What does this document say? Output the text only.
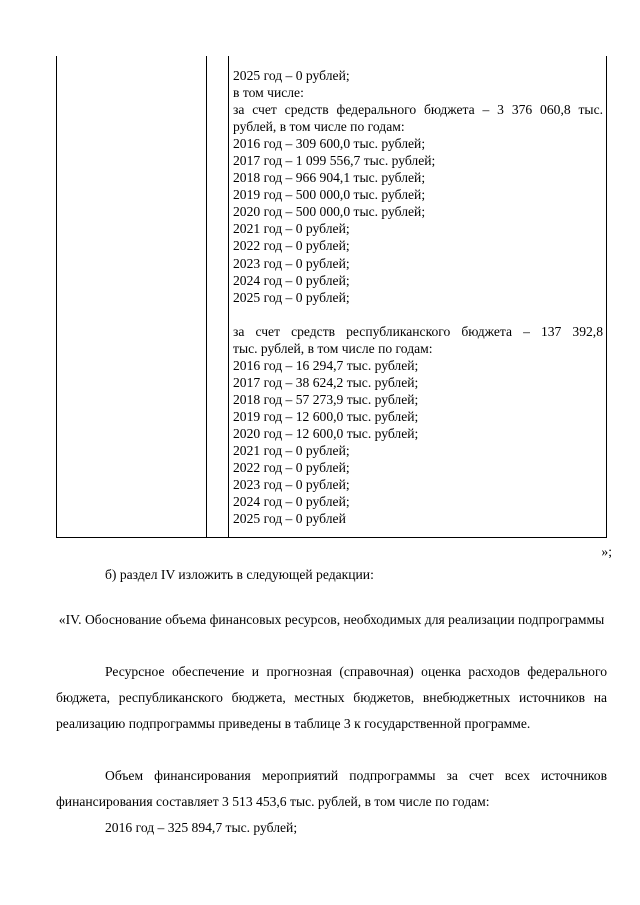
2025 год – 0 рублей;
в том числе:
за счет средств федерального бюджета – 3 376 060,8 тыс.
рублей, в том числе по годам:
2016 год – 309 600,0 тыс. рублей;
2017 год – 1 099 556,7 тыс. рублей;
2018 год – 966 904,1 тыс. рублей;
2019 год – 500 000,0 тыс. рублей;
2020 год – 500 000,0 тыс. рублей;
2021 год – 0 рублей;
2022 год – 0 рублей;
2023 год – 0 рублей;
2024 год – 0 рублей;
2025 год – 0 рублей;
за счет средств республиканского бюджета – 137 392,8
тыс. рублей, в том числе по годам:
2016 год – 16 294,7 тыс. рублей;
2017 год – 38 624,2 тыс. рублей;
2018 год – 57 273,9 тыс. рублей;
2019 год – 12 600,0 тыс. рублей;
2020 год – 12 600,0 тыс. рублей;
2021 год – 0 рублей;
2022 год – 0 рублей;
2023 год – 0 рублей;
2024 год – 0 рублей;
2025 год – 0 рублей
»;
б) раздел IV изложить в следующей редакции:
«IV. Обоснование объема финансовых ресурсов, необходимых для реализации подпрограммы
Ресурсное обеспечение и прогнозная (справочная) оценка расходов федерального бюджета, республиканского бюджета, местных бюджетов, внебюджетных источников на реализацию подпрограммы приведены в таблице 3 к государственной программе.
Объем финансирования мероприятий подпрограммы за счет всех источников финансирования составляет 3 513 453,6 тыс. рублей, в том числе по годам:
2016 год – 325 894,7 тыс. рублей;
